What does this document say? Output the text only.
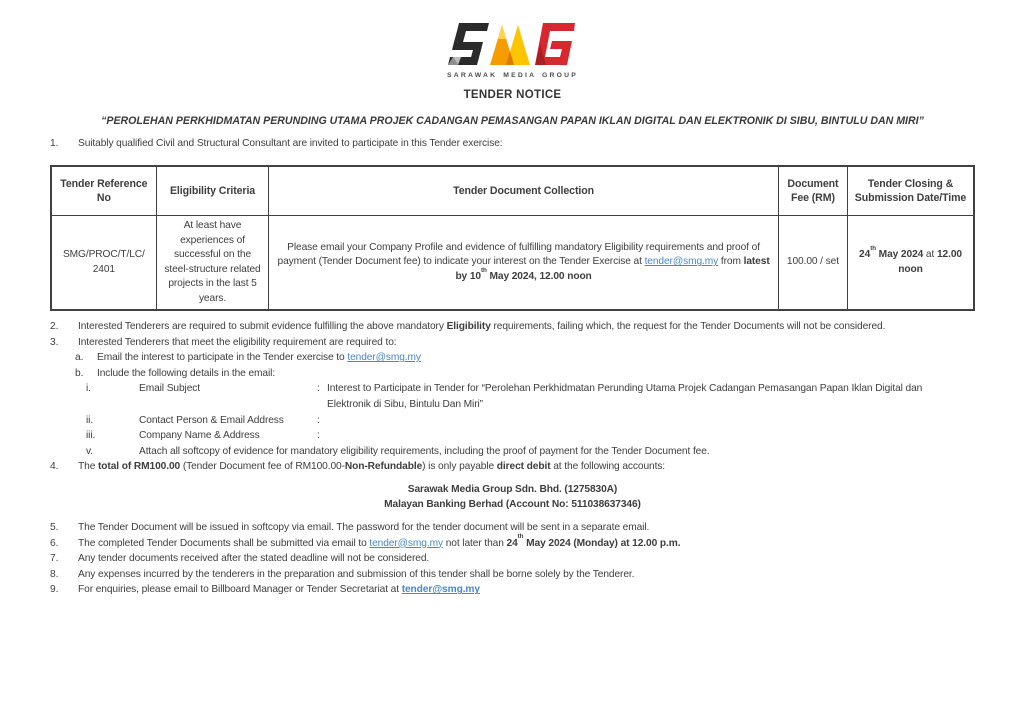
SARAWAK MEDIA GROUP
TENDER NOTICE
“PEROLEHAN PERKHIDMATAN PERUNDING UTAMA PROJEK CADANGAN PEMASANGAN PAPAN IKLAN DIGITAL DAN ELEKTRONIK DI SIBU, BINTULU DAN MIRI”
1.	Suitably qualified Civil and Structural Consultant are invited to participate in this Tender exercise:
Tender Reference No	Eligibility Criteria	Tender Document Collection	Document Fee (RM)	Tender Closing & Submission Date/Time

SMG/PROC/T/LC/
2401	At least have experiences of successful on the steel-structure related projects in the last 5 years.	Please email your Company Profile and evidence of fulfilling mandatory Eligibility requirements and proof of payment (Tender Document fee) to indicate your interest on the Tender Exercise at tender@smg.my from latest by 10th May 2024, 12.00 noon	100.00 / set	24th May 2024 at 12.00 noon
2.	Interested Tenderers are required to submit evidence fulfilling the above mandatory Eligibility requirements, failing which, the request for the Tender Documents will not be considered.
3.	Interested Tenderers that meet the eligibility requirement are required to:
a.	Email the interest to participate in the Tender exercise to tender@smg.my
b.	Include the following details in the email:
i.	Email Subject	: Interest to Participate in Tender for “Perolehan Perkhidmatan Perunding Utama Projek Cadangan Pemasangan Papan Iklan Digital dan Elektronik di Sibu, Bintulu Dan Miri”
ii.	Contact Person & Email Address	:
iii.	Company Name & Address	:
v.	Attach all softcopy of evidence for mandatory eligibility requirements, including the proof of payment for the Tender Document fee.
4.	The total of RM100.00 (Tender Document fee of RM100.00-Non-Refundable) is only payable direct debit at the following accounts:
Sarawak Media Group Sdn. Bhd. (1275830A)
Malayan Banking Berhad (Account No: 511038637346)
5.	The Tender Document will be issued in softcopy via email. The password for the tender document will be sent in a separate email.
6.	The completed Tender Documents shall be submitted via email to tender@smg.my not later than 24th May 2024 (Monday) at 12.00 p.m.
7.	Any tender documents received after the stated deadline will not be considered.
8.	Any expenses incurred by the tenderers in the preparation and submission of this tender shall be borne solely by the Tenderer.
9.	For enquiries, please email to Billboard Manager or Tender Secretariat at tender@smg.my
